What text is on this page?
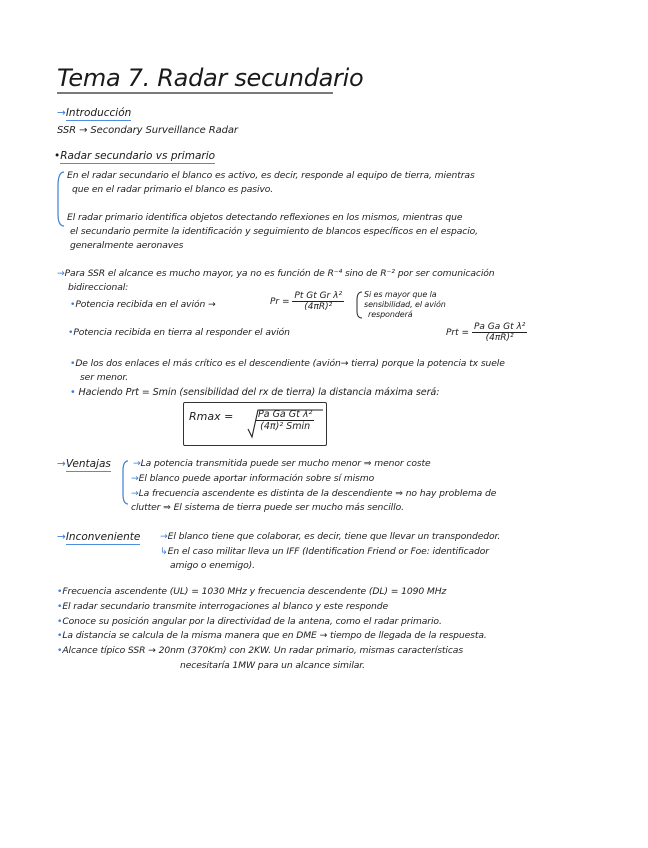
Tema 7. Radar secundario
→Introducción
SSR → Secondary Surveillance Radar
•Radar secundario vs primario
En el radar secundario el blanco es activo, es decir, responde al equipo de tierra, mientras
que en el radar primario el blanco es pasivo.
El radar primario identifica objetos detectando reflexiones en los mismos, mientras que
el secundario permite la identificación y seguimiento de blancos específicos en el espacio,
generalmente aeronaves
→Para SSR el alcance es mucho mayor, ya no es función de R⁻⁴ sino de R⁻² por ser comunicación
bidireccional:
•Potencia recibida en el avión →	$Pr = \frac{\text{Pt Gt Gr λ²}}{\text{(4πR)²}}$ Si es mayor que la
sensibilidad, el avión
responderá
•Potencia recibida en tierra al responder el avión	Prt = $\frac{\text{Pa Ga Gt λ²}}{\text{(4πR)²}}$
•De los dos enlaces el más crítico es el descendiente (avión→ tierra) porque la potencia tx suele
ser menor.
• Haciendo Prt = Smin (sensibilidad del rx de tierra) la distancia máxima será:
$Rmax = \frac{\text{Pa Ga Gt λ²}}{\text{(4π)² Smin}}$
→Ventajas →La potencia transmitida puede ser mucho menor ⇒ menor coste
→El blanco puede aportar información sobre sí mismo
→La frecuencia ascendente es distinta de la descendiente ⇒ no hay problema de
clutter ⇒ El sistema de tierra puede ser mucho más sencillo.
→Inconveniente →El blanco tiene que colaborar, es decir, tiene que llevar un transpondedor.
↳En el caso militar lleva un IFF (Identification Friend or Foe: identificador
amigo o enemigo).
•Frecuencia ascendente (UL) = 1030 MHz y frecuencia descendente (DL) = 1090 MHz
•El radar secundario transmite interrogaciones al blanco y este responde
•Conoce su posición angular por la directividad de la antena, como el radar primario.
•La distancia se calcula de la misma manera que en DME → tiempo de llegada de la respuesta.
•Alcance típico SSR → 20nm (370Km) con 2KW. Un radar primario, mismas características
necesitaría 1MW para un alcance similar.
